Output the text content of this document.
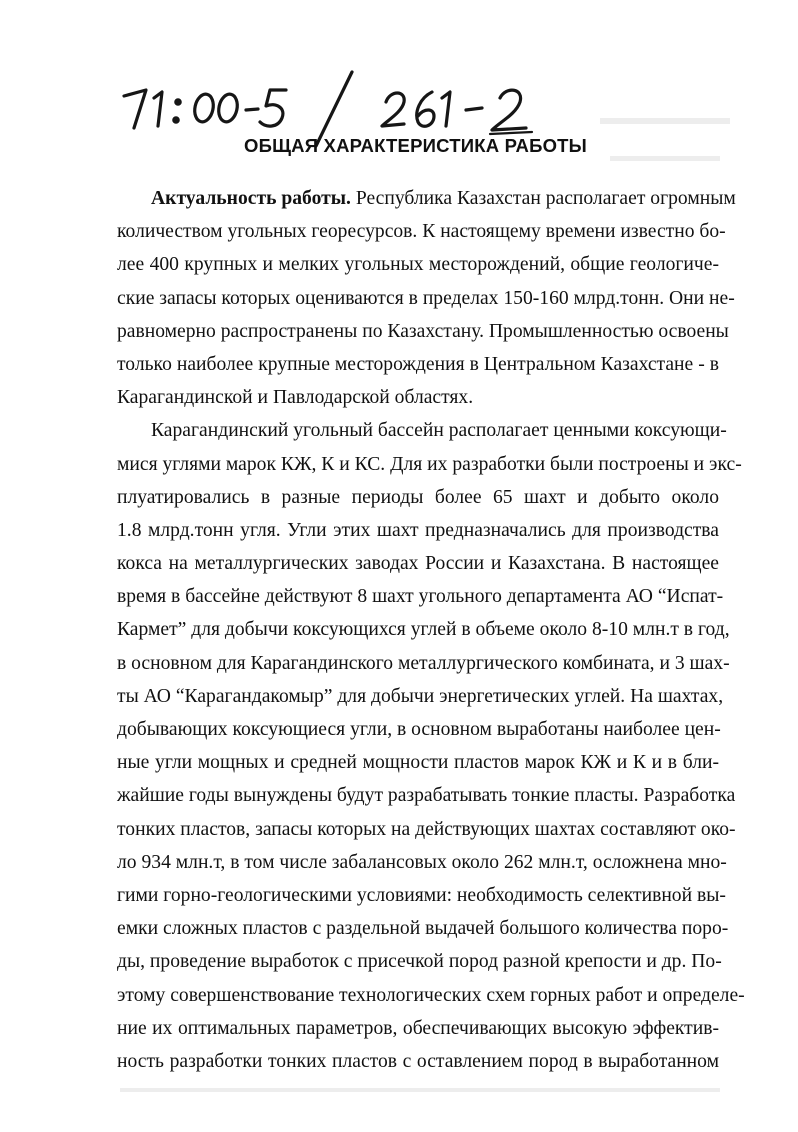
ОБЩАЯ ХАРАКТЕРИСТИКА РАБОТЫ
Актуальность работы. Республика Казахстан располагает огромным
количеством угольных георесурсов. К настоящему времени известно бо-
лее 400 крупных и мелких угольных месторождений, общие геологиче-
ские запасы которых оцениваются в пределах 150-160 млрд.тонн. Они не-
равномерно распространены по Казахстану. Промышленностью освоены
только наиболее крупные месторождения в Центральном Казахстане - в
Карагандинской и Павлодарской областях.
Карагандинский угольный бассейн располагает ценными коксующи-
мися углями марок КЖ, К и КС. Для их разработки были построены и экс-
плуатировались в разные периоды более 65 шахт и добыто около
1.8 млрд.тонн угля. Угли этих шахт предназначались для производства
кокса на металлургических заводах России и Казахстана. В настоящее
время в бассейне действуют 8 шахт угольного департамента АО “Испат-
Кармет” для добычи коксующихся углей в объеме около 8-10 млн.т в год,
в основном для Карагандинского металлургического комбината, и 3 шах-
ты АО “Карагандакомыр” для добычи энергетических углей. На шахтах,
добывающих коксующиеся угли, в основном выработаны наиболее цен-
ные угли мощных и средней мощности пластов марок КЖ и К и в бли-
жайшие годы вынуждены будут разрабатывать тонкие пласты. Разработка
тонких пластов, запасы которых на действующих шахтах составляют око-
ло 934 млн.т, в том числе забалансовых около 262 млн.т, осложнена мно-
гими горно-геологическими условиями: необходимость селективной вы-
емки сложных пластов с раздельной выдачей большого количества поро-
ды, проведение выработок с присечкой пород разной крепости и др. По-
этому совершенствование технологических схем горных работ и определе-
ние их оптимальных параметров, обеспечивающих высокую эффектив-
ность разработки тонких пластов с оставлением пород в выработанном
